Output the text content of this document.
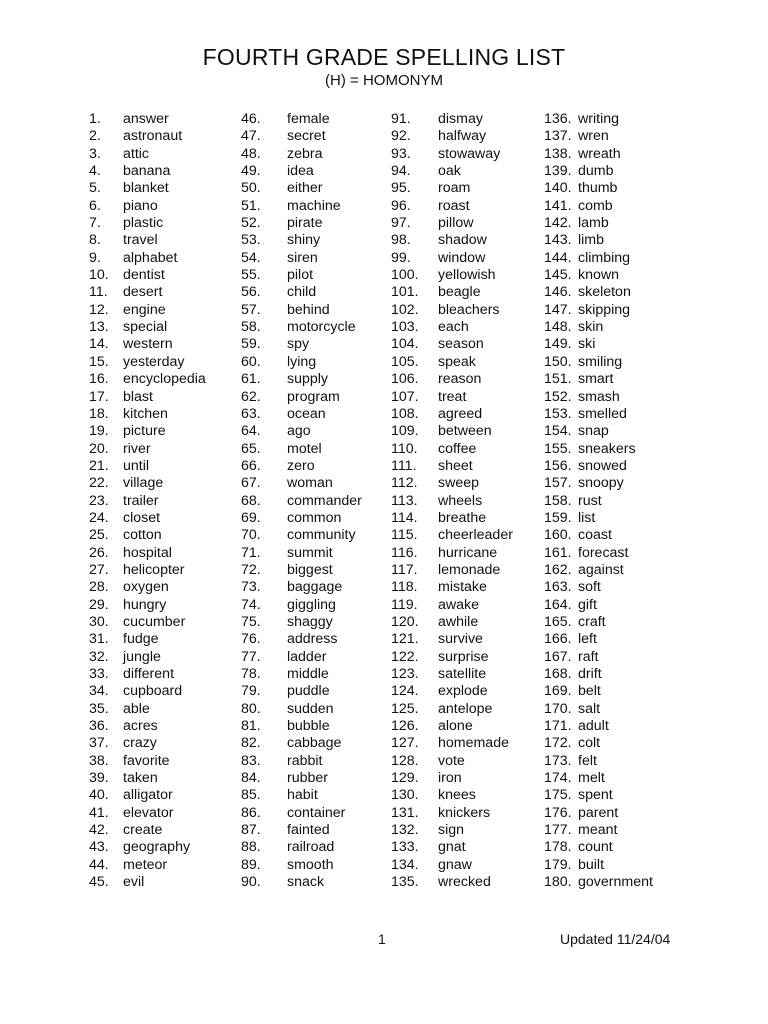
FOURTH GRADE SPELLING LIST
(H) = HOMONYM
1. answer
2. astronaut
3. attic
4. banana
5. blanket
6. piano
7. plastic
8. travel
9. alphabet
10. dentist
11. desert
12. engine
13. special
14. western
15. yesterday
16. encyclopedia
17. blast
18. kitchen
19. picture
20. river
21. until
22. village
23. trailer
24. closet
25. cotton
26. hospital
27. helicopter
28. oxygen
29. hungry
30. cucumber
31. fudge
32. jungle
33. different
34. cupboard
35. able
36. acres
37. crazy
38. favorite
39. taken
40. alligator
41. elevator
42. create
43. geography
44. meteor
45. evil
46. female
47. secret
48. zebra
49. idea
50. either
51. machine
52. pirate
53. shiny
54. siren
55. pilot
56. child
57. behind
58. motorcycle
59. spy
60. lying
61. supply
62. program
63. ocean
64. ago
65. motel
66. zero
67. woman
68. commander
69. common
70. community
71. summit
72. biggest
73. baggage
74. giggling
75. shaggy
76. address
77. ladder
78. middle
79. puddle
80. sudden
81. bubble
82. cabbage
83. rabbit
84. rubber
85. habit
86. container
87. fainted
88. railroad
89. smooth
90. snack
91. dismay
92. halfway
93. stowaway
94. oak
95. roam
96. roast
97. pillow
98. shadow
99. window
100. yellowish
101. beagle
102. bleachers
103. each
104. season
105. speak
106. reason
107. treat
108. agreed
109. between
110. coffee
111. sheet
112. sweep
113. wheels
114. breathe
115. cheerleader
116. hurricane
117. lemonade
118. mistake
119. awake
120. awhile
121. survive
122. surprise
123. satellite
124. explode
125. antelope
126. alone
127. homemade
128. vote
129. iron
130. knees
131. knickers
132. sign
133. gnat
134. gnaw
135. wrecked
136. writing
137. wren
138. wreath
139. dumb
140. thumb
141. comb
142. lamb
143. limb
144. climbing
145. known
146. skeleton
147. skipping
148. skin
149. ski
150. smiling
151. smart
152. smash
153. smelled
154. snap
155. sneakers
156. snowed
157. snoopy
158. rust
159. list
160. coast
161. forecast
162. against
163. soft
164. gift
165. craft
166. left
167. raft
168. drift
169. belt
170. salt
171. adult
172. colt
173. felt
174. melt
175. spent
176. parent
177. meant
178. count
179. built
180. government
1	Updated 11/24/04
